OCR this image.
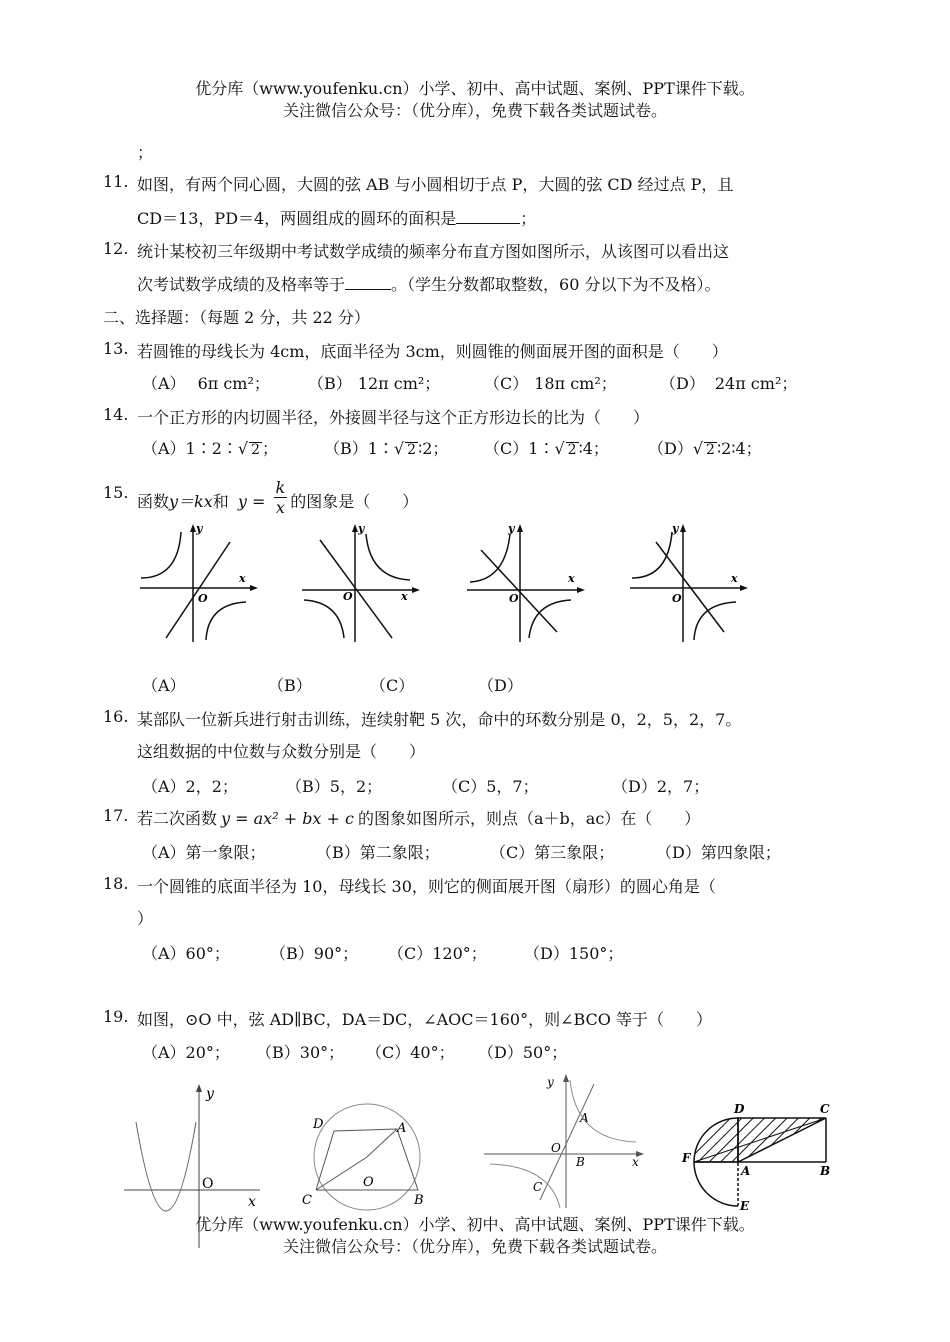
优分库（www.youfenku.cn）小学、初中、高中试题、案例、PPT课件下载。
关注微信公众号：（优分库），免费下载各类试题试卷。
；
11. 如图，有两个同心圆，大圆的弦 AB 与小圆相切于点 P，大圆的弦 CD 经过点 P，且
CD＝13，PD＝4，两圆组成的圆环的面积是	；
12. 统计某校初三年级期中考试数学成绩的频率分布直方图如图所示，从该图可以看出这
次考试数学成绩的及格率等于	。（学生分数都取整数，60 分以下为不及格）。
二、选择题：（每题 2 分，共 22 分）
13. 若圆锥的母线长为 4cm，底面半径为 3cm，则圆锥的侧面展开图的面积是（　　）
（A） 6π cm²； （B） 12π cm²；	（C） 18π cm²；	（D） 24π cm²；
14. 一个正方形的内切圆半径，外接圆半径与这个正方形边长的比为（　　）
（A）1∶2∶√ 2 ；	（B）1∶√ 2 ∶2； （C）1∶√ 2 ∶4； （D）√ 2 ∶2∶4；
15. 函数y＝kx和 $y = \frac{k}{x}$ 的图象是（　　）
y
x
O
y
x
O
y
x
O
y
x
O
（A）	（B）	（C）	（D）
16. 某部队一位新兵进行射击训练，连续射靶 5 次，命中的环数分别是 0，2，5，2，7。
这组数据的中位数与众数分别是（　　）
（A）2，2；	（B）5，2；	（C）5，7；	（D）2，7；
17. 若二次函数 y = ax² + bx + c 的图象如图所示，则点（a＋b，ac）在（　　）
（A）第一象限；	（B）第二象限；	（C）第三象限；	（D）第四象限；
18. 一个圆锥的底面半径为 10，母线长 30，则它的侧面展开图（扇形）的圆心角是（
）
（A）60°；	（B）90°； （C）120°； （D）150°；
19. 如图，⊙O 中，弦 AD∥BC，DA＝DC，∠AOC＝160°，则∠BCO 等于（　　）
（A）20°； （B）30°； （C）40°； （D）50°；
y
x
O
D	A
C
O
B
y
A
O
B	x
C
D	C
F
A	B
E
优分库（www.youfenku.cn）小学、初中、高中试题、案例、PPT课件下载。
关注微信公众号：（优分库），免费下载各类试题试卷。
